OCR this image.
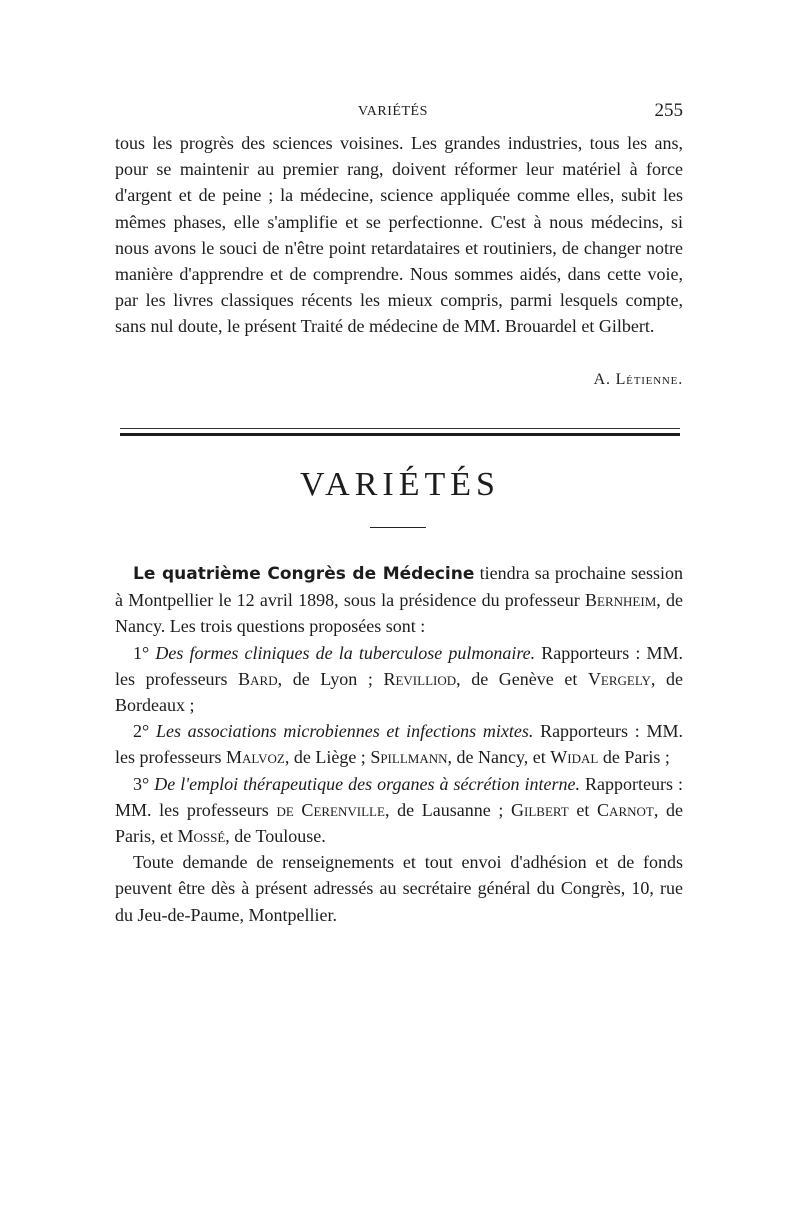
VARIÉTÉS	255

tous les progrès des sciences voisines. Les grandes industries, tous les ans, pour se maintenir au premier rang, doivent réformer leur matériel à force d'argent et de peine ; la médecine, science appliquée comme elles, subit les mêmes phases, elle s'amplifie et se perfectionne. C'est à nous médecins, si nous avons le souci de n'être point retardataires et routiniers, de changer notre manière d'apprendre et de comprendre. Nous sommes aidés, dans cette voie, par les livres classiques récents les mieux compris, parmi lesquels compte, sans nul doute, le présent Traité de médecine de MM. Brouardel et Gilbert.

A. Létienne.
VARIÉTÉS

Le quatrième Congrès de Médecine tiendra sa prochaine session à Montpellier le 12 avril 1898, sous la présidence du professeur Bernheim, de Nancy. Les trois questions proposées sont :

1° Des formes cliniques de la tuberculose pulmonaire. Rapporteurs : MM. les professeurs Bard, de Lyon ; Revilliod, de Genève et Vergely, de Bordeaux ;

2° Les associations microbiennes et infections mixtes. Rapporteurs : MM. les professeurs Malvoz, de Liège ; Spillmann, de Nancy, et Widal de Paris ;

3° De l'emploi thérapeutique des organes à sécrétion interne. Rapporteurs : MM. les professeurs de Cerenville, de Lausanne ; Gilbert et Carnot, de Paris, et Mossé, de Toulouse.

Toute demande de renseignements et tout envoi d'adhésion et de fonds peuvent être dès à présent adressés au secrétaire général du Congrès, 10, rue du Jeu-de-Paume, Montpellier.
